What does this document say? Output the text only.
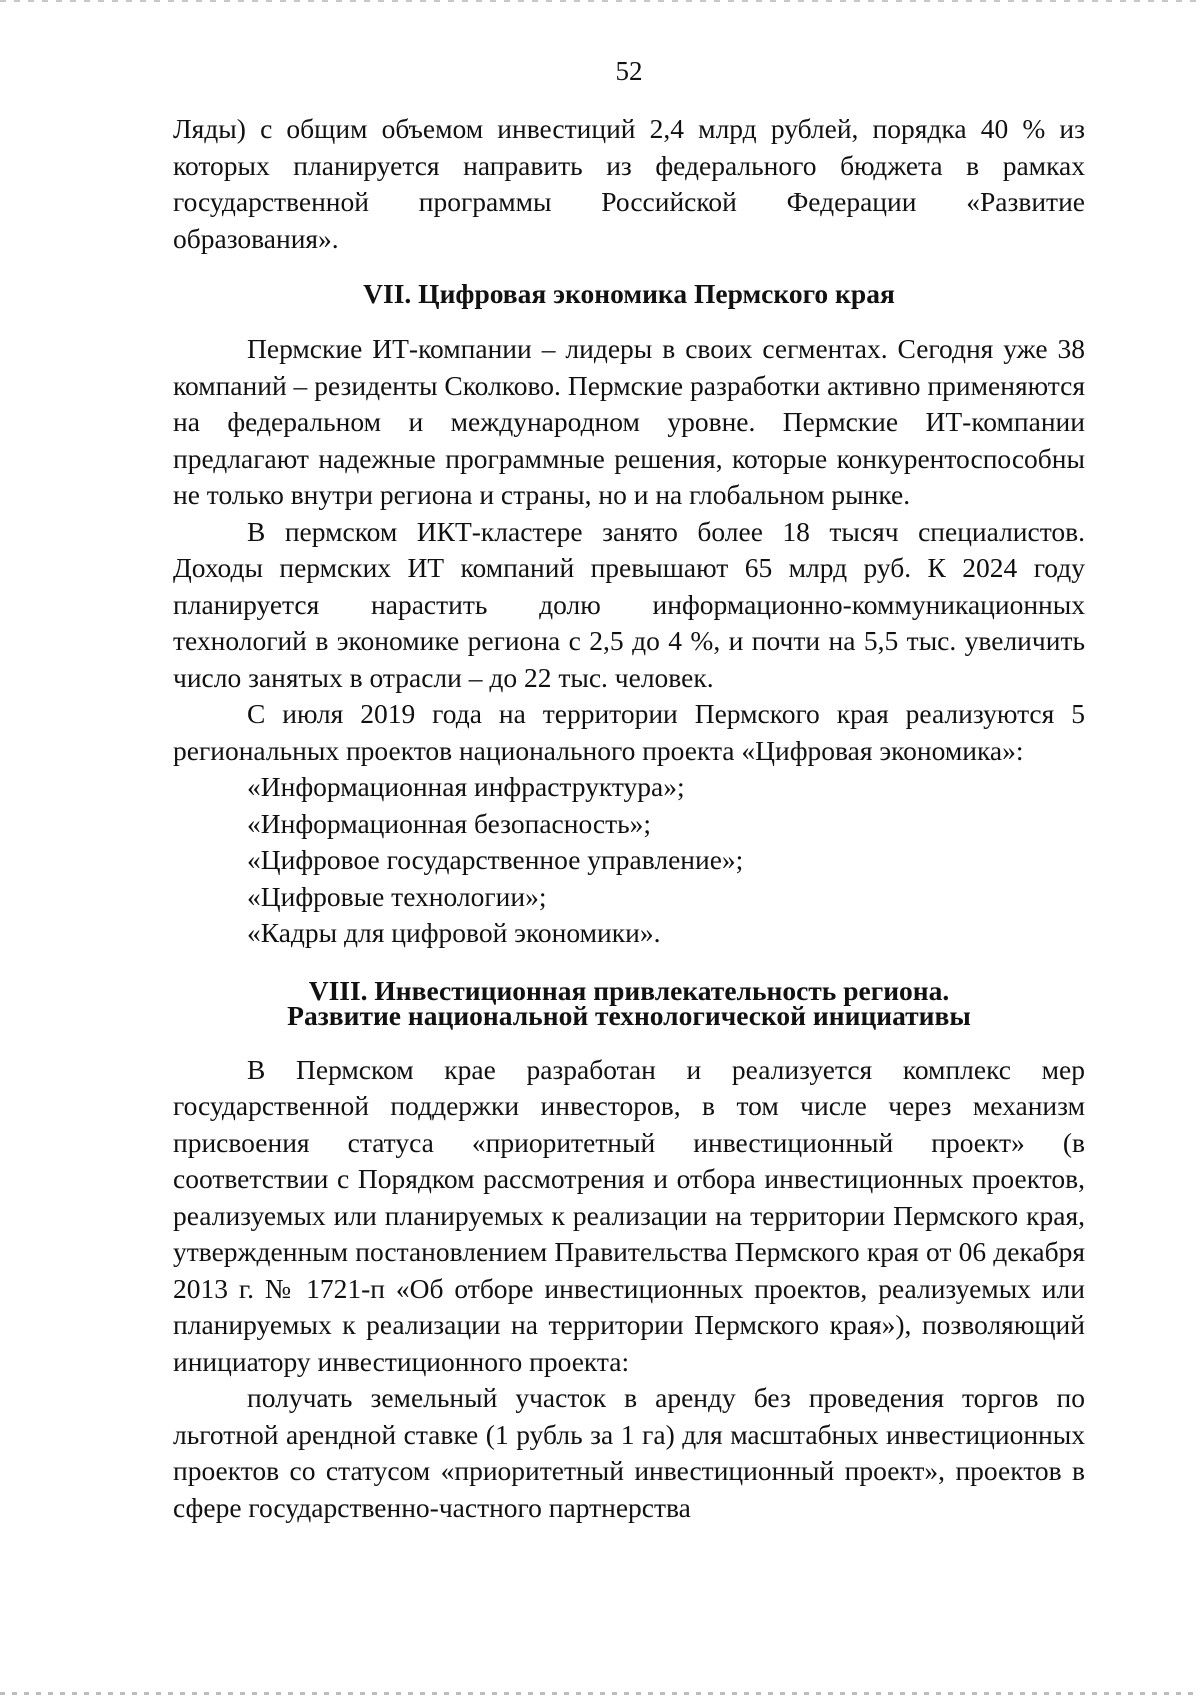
52

Ляды) с общим объемом инвестиций 2,4 млрд рублей, порядка 40 % из которых планируется направить из федерального бюджета в рамках государственной программы Российской Федерации «Развитие образования».

VII. Цифровая экономика Пермского края

Пермские ИТ-компании – лидеры в своих сегментах. Сегодня уже 38 компаний – резиденты Сколково. Пермские разработки активно применяются на федеральном и международном уровне. Пермские ИТ-компании предлагают надежные программные решения, которые конкурентоспособны не только внутри региона и страны, но и на глобальном рынке.

В пермском ИКТ-кластере занято более 18 тысяч специалистов. Доходы пермских ИТ компаний превышают 65 млрд руб. К 2024 году планируется нарастить долю информационно-коммуникационных технологий в экономике региона с 2,5 до 4 %, и почти на 5,5 тыс. увеличить число занятых в отрасли – до 22 тыс. человек.

С июля 2019 года на территории Пермского края реализуются 5 региональных проектов национального проекта «Цифровая экономика»:

«Информационная инфраструктура»;

«Информационная безопасность»;

«Цифровое государственное управление»;

«Цифровые технологии»;

«Кадры для цифровой экономики».

VIII. Инвестиционная привлекательность региона.
Развитие национальной технологической инициативы

В Пермском крае разработан и реализуется комплекс мер государственной поддержки инвесторов, в том числе через механизм присвоения статуса «приоритетный инвестиционный проект» (в соответствии с Порядком рассмотрения и отбора инвестиционных проектов, реализуемых или планируемых к реализации на территории Пермского края, утвержденным постановлением Правительства Пермского края от 06 декабря 2013 г. № 1721-п «Об отборе инвестиционных проектов, реализуемых или планируемых к реализации на территории Пермского края»), позволяющий инициатору инвестиционного проекта:

получать земельный участок в аренду без проведения торгов по льготной арендной ставке (1 рубль за 1 га) для масштабных инвестиционных проектов со статусом «приоритетный инвестиционный проект», проектов в сфере государственно-частного партнерства
